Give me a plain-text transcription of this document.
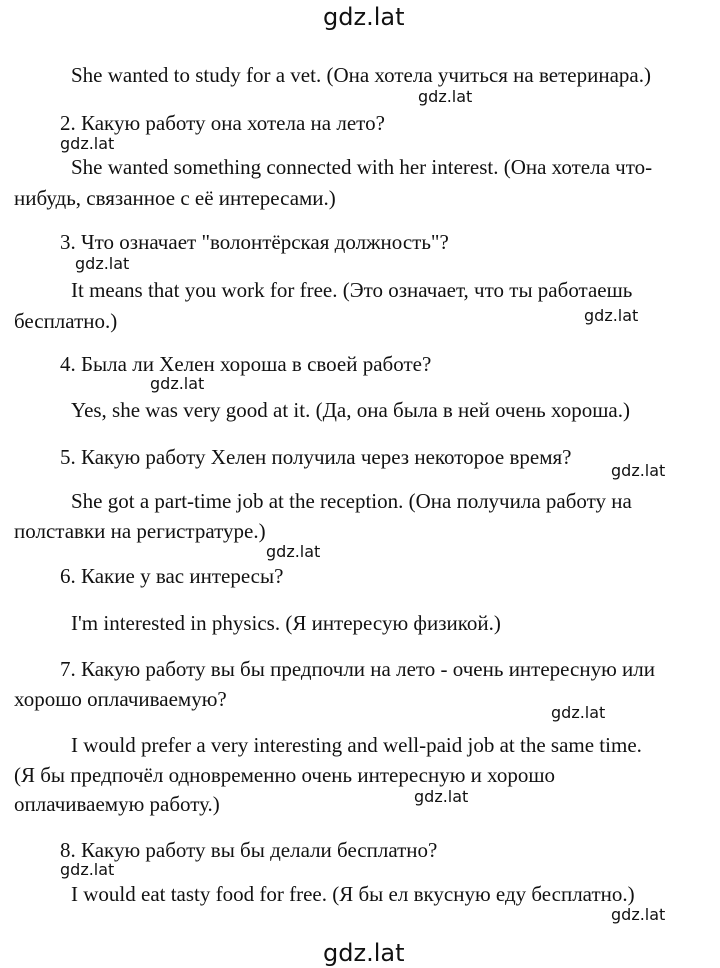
gdz.lat
She wanted to study for a vet. (Она хотела учиться на ветеринара.)
gdz.lat
2. Какую работу она хотела на лето?
gdz.lat
She wanted something connected with her interest. (Она хотела что-
нибудь, связанное с её интересами.)
3. Что означает "волонтёрская должность"?
gdz.lat
It means that you work for free. (Это означает, что ты работаешь
бесплатно.)	gdz.lat
4. Была ли Хелен хороша в своей работе?
gdz.lat
Yes, she was very good at it. (Да, она была в ней очень хороша.)
5. Какую работу Хелен получила через некоторое время?
gdz.lat
She got a part-time job at the reception. (Она получила работу на
полставки на регистратуре.)
gdz.lat
6. Какие у вас интересы?
I'm interested in physics. (Я интересую физикой.)
7. Какую работу вы бы предпочли на лето - очень интересную или
хорошо оплачиваемую?
gdz.lat
I would prefer a very interesting and well-paid job at the same time.
(Я бы предпочёл одновременно очень интересную и хорошо
оплачиваемую работу.)	gdz.lat
8. Какую работу вы бы делали бесплатно?
gdz.lat
I would eat tasty food for free. (Я бы ел вкусную еду бесплатно.)
gdz.lat
gdz.lat
